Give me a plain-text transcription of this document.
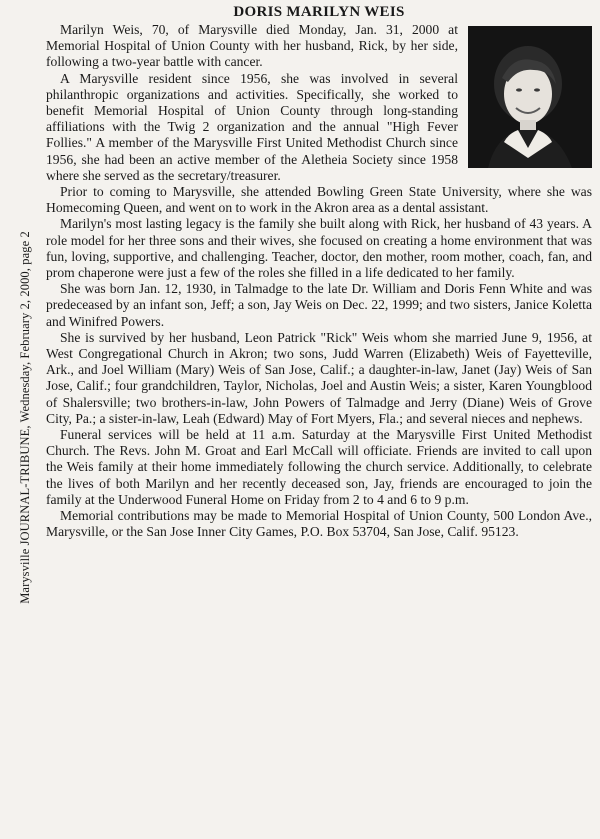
Marysville JOURNAL-TRIBUNE, Wednesday, February 2, 2000, page 2
DORIS MARILYN WEIS

Marilyn Weis, 70, of Marysville died Monday, Jan. 31, 2000 at Memorial Hospital of Union County with her husband, Rick, by her side, following a two-year battle with cancer.

A Marysville resident since 1956, she was involved in several philanthropic organizations and activities. Specifically, she worked to benefit Memorial Hospital of Union County through long-standing affiliations with the Twig 2 organization and the annual "High Fever Follies." A member of the Marysville First United Methodist Church since 1956, she had been an active member of the Aletheia Society since 1958 where she served as the secretary/treasurer.

Prior to coming to Marysville, she attended Bowling Green State University, where she was Homecoming Queen, and went on to work in the Akron area as a dental assistant.

Marilyn's most lasting legacy is the family she built along with Rick, her husband of 43 years. A role model for her three sons and their wives, she focused on creating a home environment that was fun, loving, supportive, and challenging. Teacher, doctor, den mother, room mother, coach, fan, and prom chaperone were just a few of the roles she filled in a life dedicated to her family.

She was born Jan. 12, 1930, in Talmadge to the late Dr. William and Doris Fenn White and was predeceased by an infant son, Jeff; a son, Jay Weis on Dec. 22, 1999; and two sisters, Janice Koletta and Winifred Powers.

She is survived by her husband, Leon Patrick "Rick" Weis whom she married June 9, 1956, at West Congregational Church in Akron; two sons, Judd Warren (Elizabeth) Weis of Fayetteville, Ark., and Joel William (Mary) Weis of San Jose, Calif.; a daughter-in-law, Janet (Jay) Weis of San Jose, Calif.; four grandchildren, Taylor, Nicholas, Joel and Austin Weis; a sister, Karen Youngblood of Shalersville; two brothers-in-law, John Powers of Talmadge and Jerry (Diane) Weis of Grove City, Pa.; a sister-in-law, Leah (Edward) May of Fort Myers, Fla.; and several nieces and nephews.

Funeral services will be held at 11 a.m. Saturday at the Marysville First United Methodist Church. The Revs. John M. Groat and Earl McCall will officiate. Friends are invited to call upon the Weis family at their home immediately following the church service. Additionally, to celebrate the lives of both Marilyn and her recently deceased son, Jay, friends are encouraged to join the family at the Underwood Funeral Home on Friday from 2 to 4 and 6 to 9 p.m.

Memorial contributions may be made to Memorial Hospital of Union County, 500 London Ave., Marysville, or the San Jose Inner City Games, P.O. Box 53704, San Jose, Calif. 95123.
